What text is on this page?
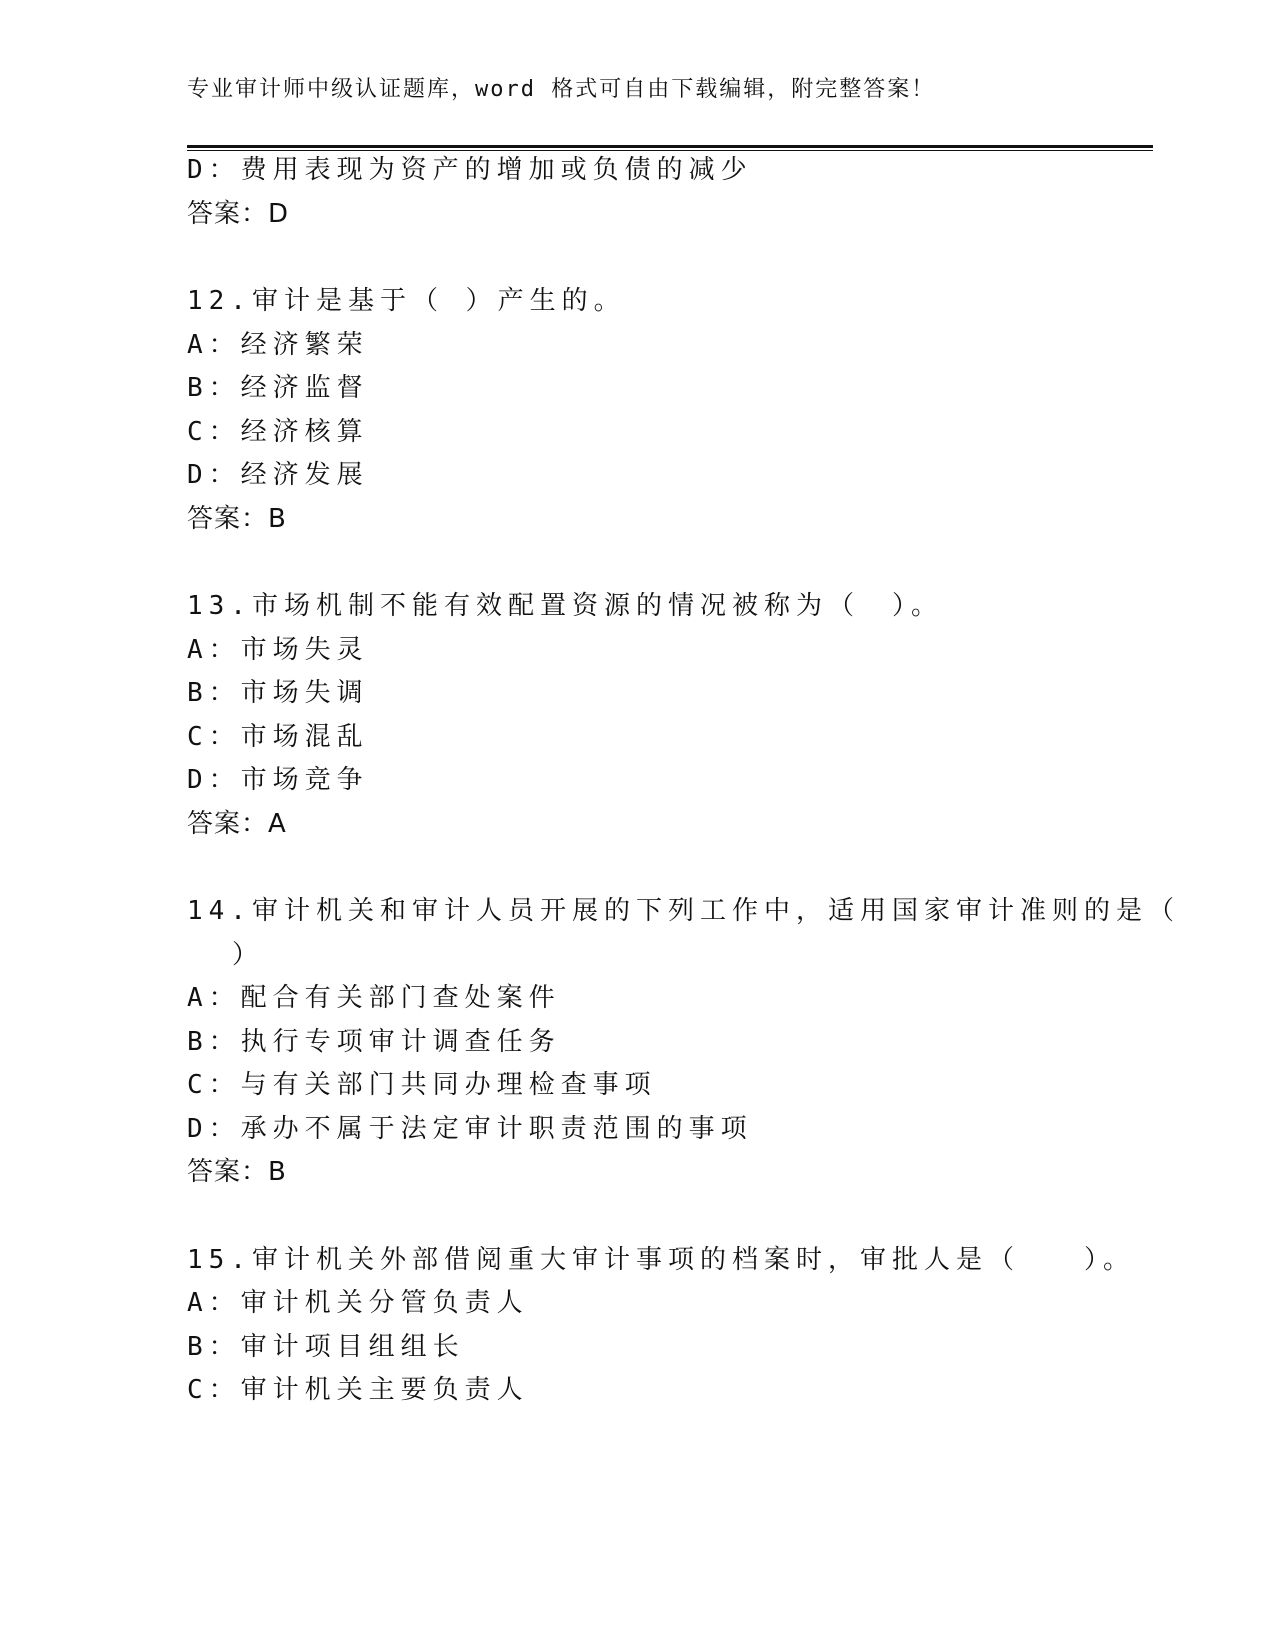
专业审计师中级认证题库，word 格式可自由下载编辑，附完整答案！
D：费用表现为资产的增加或负债的减少
答案：D
12.审计是基于（ ）产生的。
A：经济繁荣
B：经济监督
C：经济核算
D：经济发展
答案：B
13.市场机制不能有效配置资源的情况被称为（　）。
A：市场失灵
B：市场失调
C：市场混乱
D：市场竞争
答案：A
14.审计机关和审计人员开展的下列工作中，适用国家审计准则的是（
）
A：配合有关部门查处案件
B：执行专项审计调查任务
C：与有关部门共同办理检查事项
D：承办不属于法定审计职责范围的事项
答案：B
15.审计机关外部借阅重大审计事项的档案时，审批人是（　　）。
A：审计机关分管负责人
B：审计项目组组长
C：审计机关主要负责人
